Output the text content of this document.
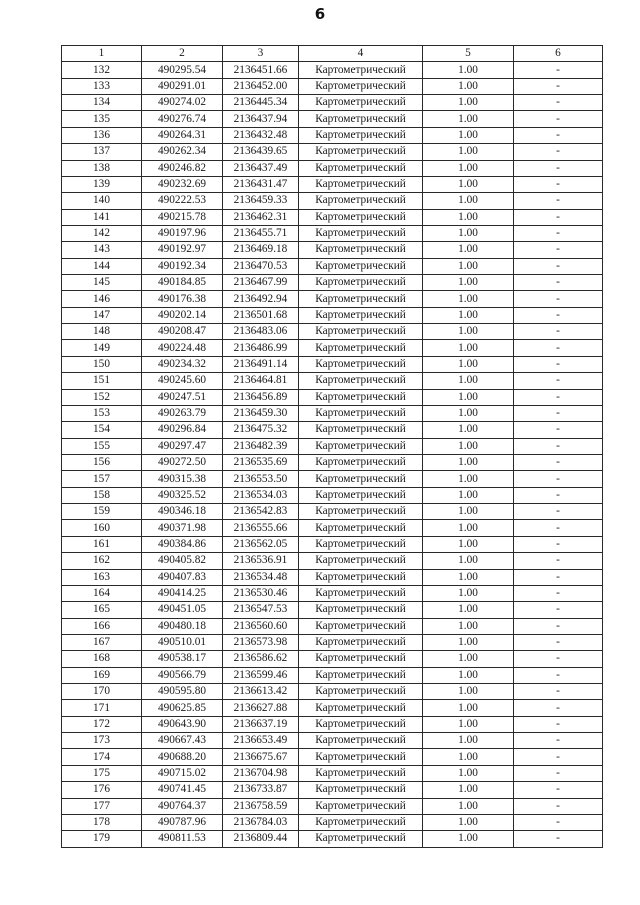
6
1	2	3	4	5	6
132	490295.54	2136451.66	Картометрический	1.00	-
133	490291.01	2136452.00	Картометрический	1.00	-
134	490274.02	2136445.34	Картометрический	1.00	-
135	490276.74	2136437.94	Картометрический	1.00	-
136	490264.31	2136432.48	Картометрический	1.00	-
137	490262.34	2136439.65	Картометрический	1.00	-
138	490246.82	2136437.49	Картометрический	1.00	-
139	490232.69	2136431.47	Картометрический	1.00	-
140	490222.53	2136459.33	Картометрический	1.00	-
141	490215.78	2136462.31	Картометрический	1.00	-
142	490197.96	2136455.71	Картометрический	1.00	-
143	490192.97	2136469.18	Картометрический	1.00	-
144	490192.34	2136470.53	Картометрический	1.00	-
145	490184.85	2136467.99	Картометрический	1.00	-
146	490176.38	2136492.94	Картометрический	1.00	-
147	490202.14	2136501.68	Картометрический	1.00	-
148	490208.47	2136483.06	Картометрический	1.00	-
149	490224.48	2136486.99	Картометрический	1.00	-
150	490234.32	2136491.14	Картометрический	1.00	-
151	490245.60	2136464.81	Картометрический	1.00	-
152	490247.51	2136456.89	Картометрический	1.00	-
153	490263.79	2136459.30	Картометрический	1.00	-
154	490296.84	2136475.32	Картометрический	1.00	-
155	490297.47	2136482.39	Картометрический	1.00	-
156	490272.50	2136535.69	Картометрический	1.00	-
157	490315.38	2136553.50	Картометрический	1.00	-
158	490325.52	2136534.03	Картометрический	1.00	-
159	490346.18	2136542.83	Картометрический	1.00	-
160	490371.98	2136555.66	Картометрический	1.00	-
161	490384.86	2136562.05	Картометрический	1.00	-
162	490405.82	2136536.91	Картометрический	1.00	-
163	490407.83	2136534.48	Картометрический	1.00	-
164	490414.25	2136530.46	Картометрический	1.00	-
165	490451.05	2136547.53	Картометрический	1.00	-
166	490480.18	2136560.60	Картометрический	1.00	-
167	490510.01	2136573.98	Картометрический	1.00	-
168	490538.17	2136586.62	Картометрический	1.00	-
169	490566.79	2136599.46	Картометрический	1.00	-
170	490595.80	2136613.42	Картометрический	1.00	-
171	490625.85	2136627.88	Картометрический	1.00	-
172	490643.90	2136637.19	Картометрический	1.00	-
173	490667.43	2136653.49	Картометрический	1.00	-
174	490688.20	2136675.67	Картометрический	1.00	-
175	490715.02	2136704.98	Картометрический	1.00	-
176	490741.45	2136733.87	Картометрический	1.00	-
177	490764.37	2136758.59	Картометрический	1.00	-
178	490787.96	2136784.03	Картометрический	1.00	-
179	490811.53	2136809.44	Картометрический	1.00	-
